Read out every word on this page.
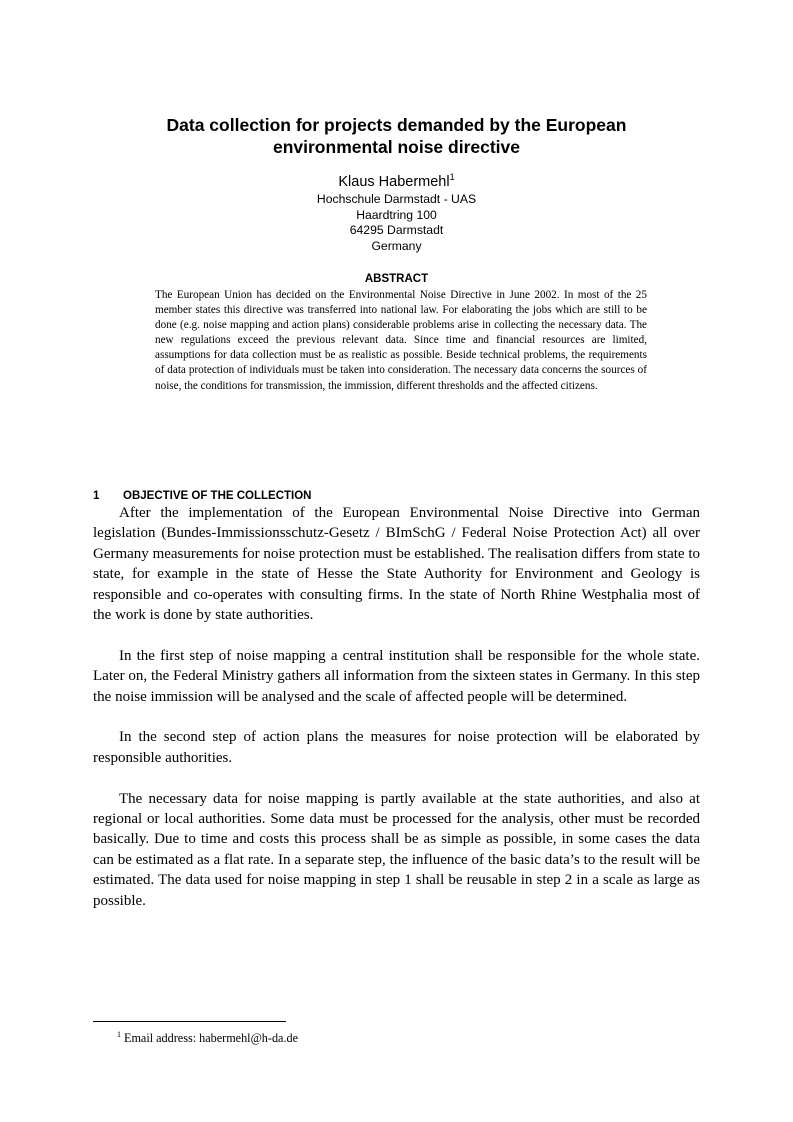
Data collection for projects demanded by the European
environmental noise directive
Klaus Habermehl$^1$
Hochschule Darmstadt - UAS
Haardtring 100
64295 Darmstadt
Germany
ABSTRACT

The European Union has decided on the Environmental Noise Directive in June 2002. In most of the 25 member states this directive was transferred into national law. For elaborating the jobs which are still to be done (e.g. noise mapping and action plans) considerable problems arise in collecting the necessary data. The new regulations exceed the previous relevant data. Since time and financial resources are limited, assumptions for data collection must be as realistic as possible. Beside technical problems, the requirements of data protection of individuals must be taken into consideration. The necessary data concerns the sources of noise, the conditions for transmission, the immission, different thresholds and the affected citizens.

1 OBJECTIVE OF THE COLLECTION

After the implementation of the European Environmental Noise Directive into German legislation (Bundes-Immissionsschutz-Gesetz / BImSchG / Federal Noise Protection Act) all over Germany measurements for noise protection must be established. The realisation differs from state to state, for example in the state of Hesse the State Authority for Environment and Geology is responsible and co-operates with consulting firms. In the state of North Rhine Westphalia most of the work is done by state authorities.

In the first step of noise mapping a central institution shall be responsible for the whole state. Later on, the Federal Ministry gathers all information from the sixteen states in Germany. In this step the noise immission will be analysed and the scale of affected people will be determined.

In the second step of action plans the measures for noise protection will be elaborated by responsible authorities.

The necessary data for noise mapping is partly available at the state authorities, and also at regional or local authorities. Some data must be processed for the analysis, other must be recorded basically. Due to time and costs this process shall be as simple as possible, in some cases the data can be estimated as a flat rate. In a separate step, the influence of the basic data’s to the result will be estimated. The data used for noise mapping in step 1 shall be reusable in step 2 in a scale as large as possible.

$^1$ Email address: habermehl@h-da.de
